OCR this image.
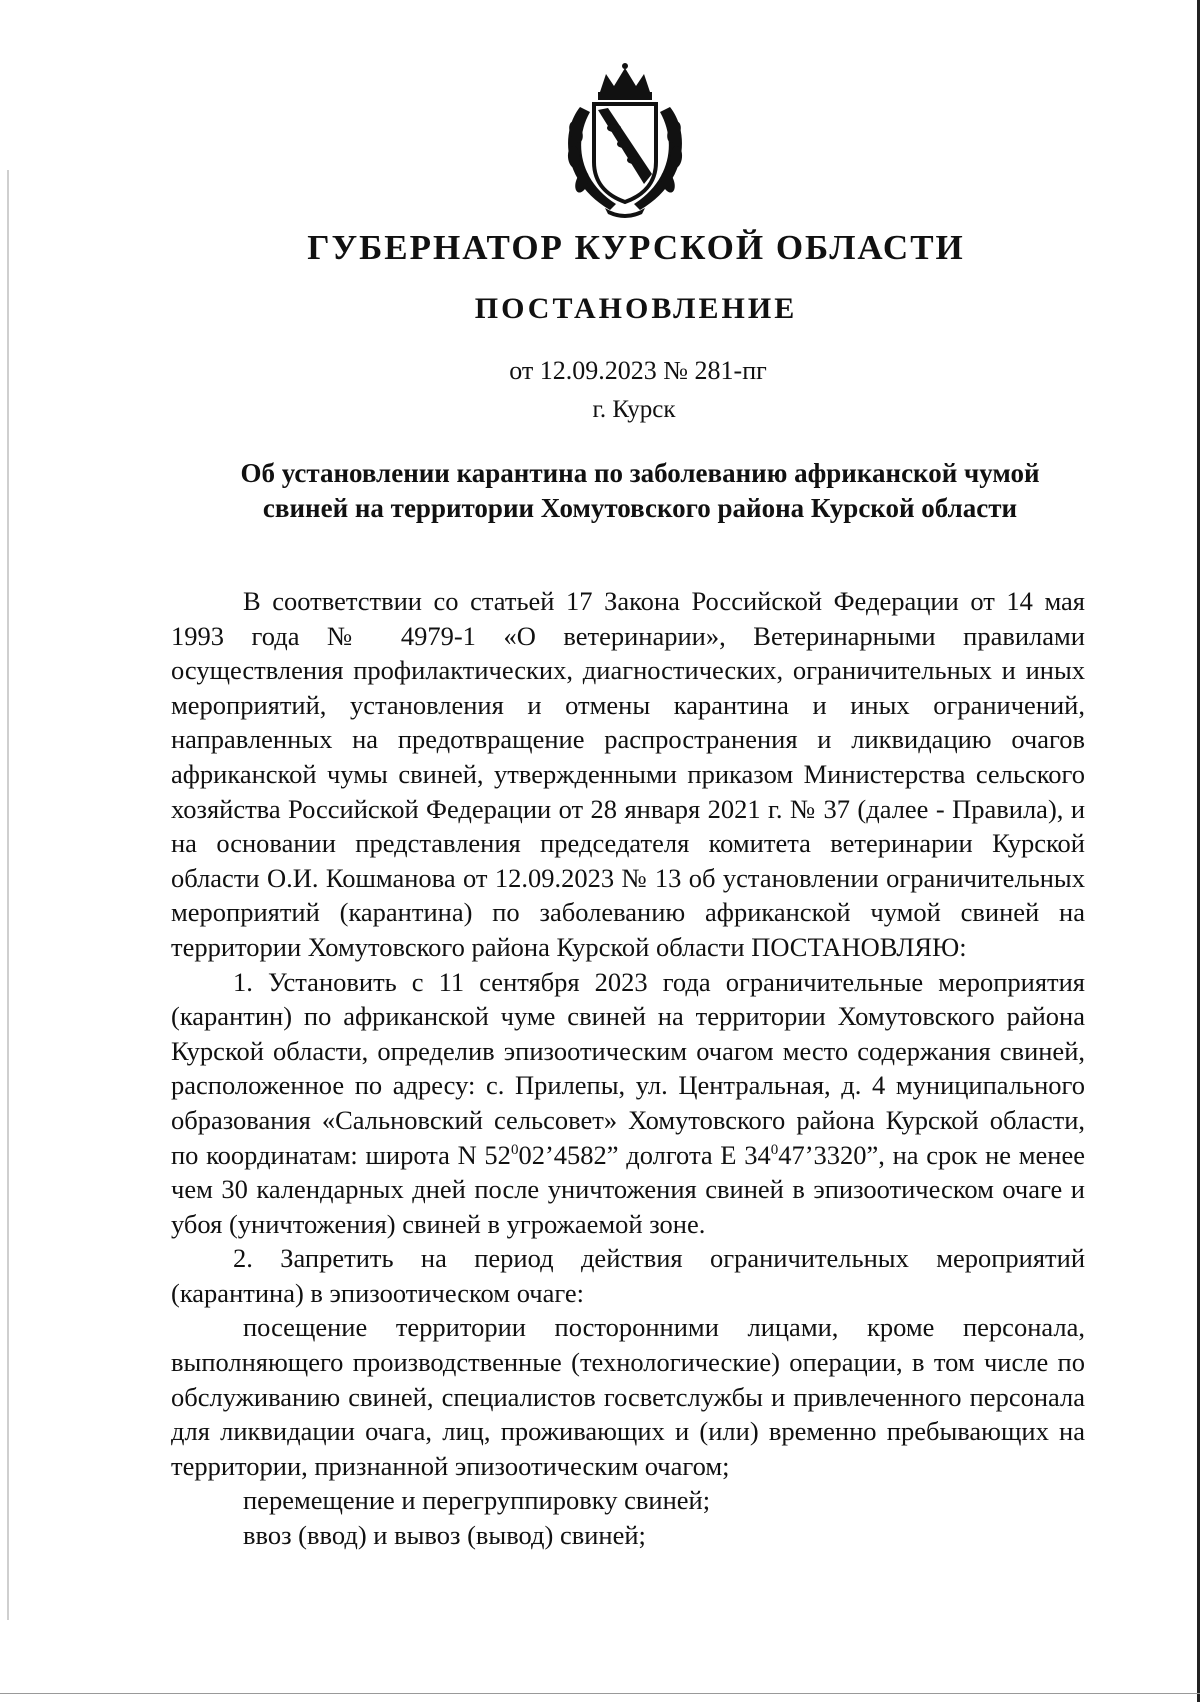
ГУБЕРНАТОР КУРСКОЙ ОБЛАСТИ
ПОСТАНОВЛЕНИЕ

от 12.09.2023 № 281-пг

г. Курск

Об установлении карантина по заболеванию африканской чумой
свиней на территории Хомутовского района Курской области

В соответствии со статьей 17 Закона Российской Федерации от 14 мая 1993 года № 4979-1 «О ветеринарии», Ветеринарными правилами осуществления профилактических, диагностических, ограничительных и иных мероприятий, установления и отмены карантина и иных ограничений, направленных на предотвращение распространения и ликвидацию очагов африканской чумы свиней, утвержденными приказом Министерства сельского хозяйства Российской Федерации от 28 января 2021 г. № 37 (далее - Правила), и на основании представления председателя комитета ветеринарии Курской области О.И. Кошманова от 12.09.2023 № 13 об установлении ограничительных мероприятий (карантина) по заболеванию африканской чумой свиней на территории Хомутовского района Курской области ПОСТАНОВЛЯЮ:

1. Установить с 11 сентября 2023 года ограничительные мероприятия (карантин) по африканской чуме свиней на территории Хомутовского района Курской области, определив эпизоотическим очагом место содержания свиней, расположенное по адресу: с. Прилепы, ул. Центральная, д. 4 муниципального образования «Сальновский сельсовет» Хомутовского района Курской области, по координатам: широта N $52^002’4582$” долгота Е $34^047’3320$”, на срок не менее чем 30 календарных дней после уничтожения свиней в эпизоотическом очаге и убоя (уничтожения) свиней в угрожаемой зоне.

2. Запретить на период действия ограничительных мероприятий (карантина) в эпизоотическом очаге:

посещение территории посторонними лицами, кроме персонала, выполняющего производственные (технологические) операции, в том числе по обслуживанию свиней, специалистов госветслужбы и привлеченного персонала для ликвидации очага, лиц, проживающих и (или) временно пребывающих на территории, признанной эпизоотическим очагом;

перемещение и перегруппировку свиней;

ввоз (ввод) и вывоз (вывод) свиней;
